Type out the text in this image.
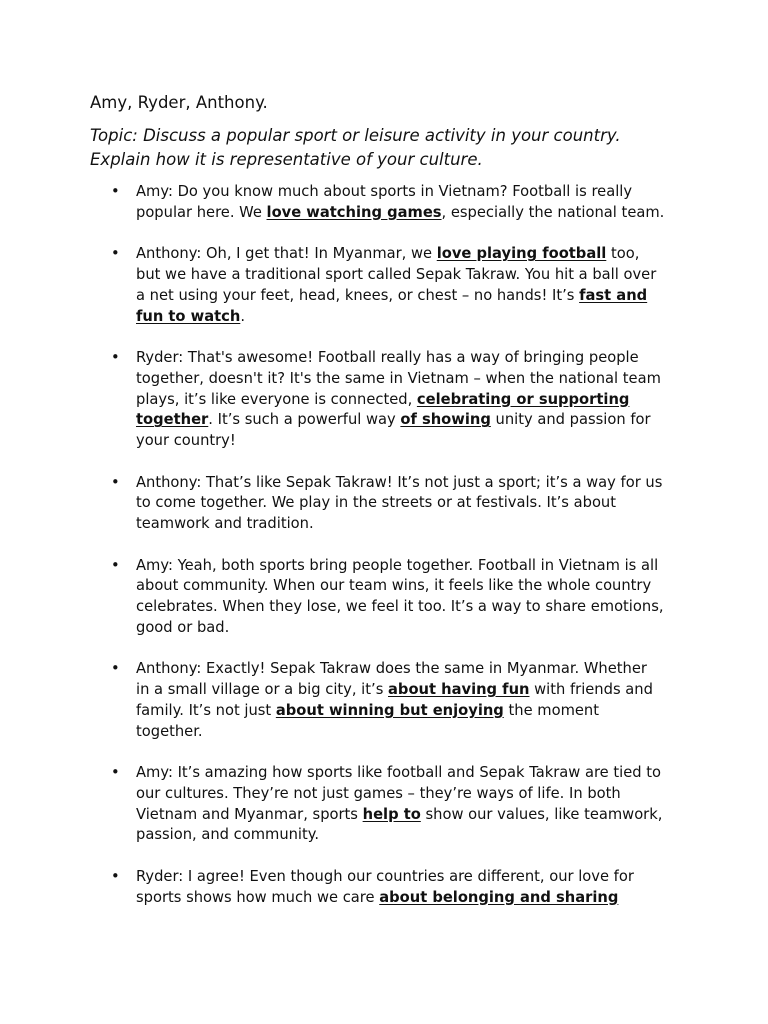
Amy, Ryder, Anthony.
Topic: Discuss a popular sport or leisure activity in your country.
Explain how it is representative of your culture.
• Amy: Do you know much about sports in Vietnam? Football is really
popular here. We love watching games, especially the national team.
• Anthony: Oh, I get that! In Myanmar, we love playing football too,
but we have a traditional sport called Sepak Takraw. You hit a ball over
a net using your feet, head, knees, or chest – no hands! It’s fast and
fun to watch.
• Ryder: That's awesome! Football really has a way of bringing people
together, doesn't it? It's the same in Vietnam – when the national team
plays, it’s like everyone is connected, celebrating or supporting
together. It’s such a powerful way of showing unity and passion for
your country!
• Anthony: That’s like Sepak Takraw! It’s not just a sport; it’s a way for us
to come together. We play in the streets or at festivals. It’s about
teamwork and tradition.
• Amy: Yeah, both sports bring people together. Football in Vietnam is all
about community. When our team wins, it feels like the whole country
celebrates. When they lose, we feel it too. It’s a way to share emotions,
good or bad.
• Anthony: Exactly! Sepak Takraw does the same in Myanmar. Whether
in a small village or a big city, it’s about having fun with friends and
family. It’s not just about winning but enjoying the moment
together.
• Amy: It’s amazing how sports like football and Sepak Takraw are tied to
our cultures. They’re not just games – they’re ways of life. In both
Vietnam and Myanmar, sports help to show our values, like teamwork,
passion, and community.
• Ryder: I agree! Even though our countries are different, our love for
sports shows how much we care about belonging and sharing
